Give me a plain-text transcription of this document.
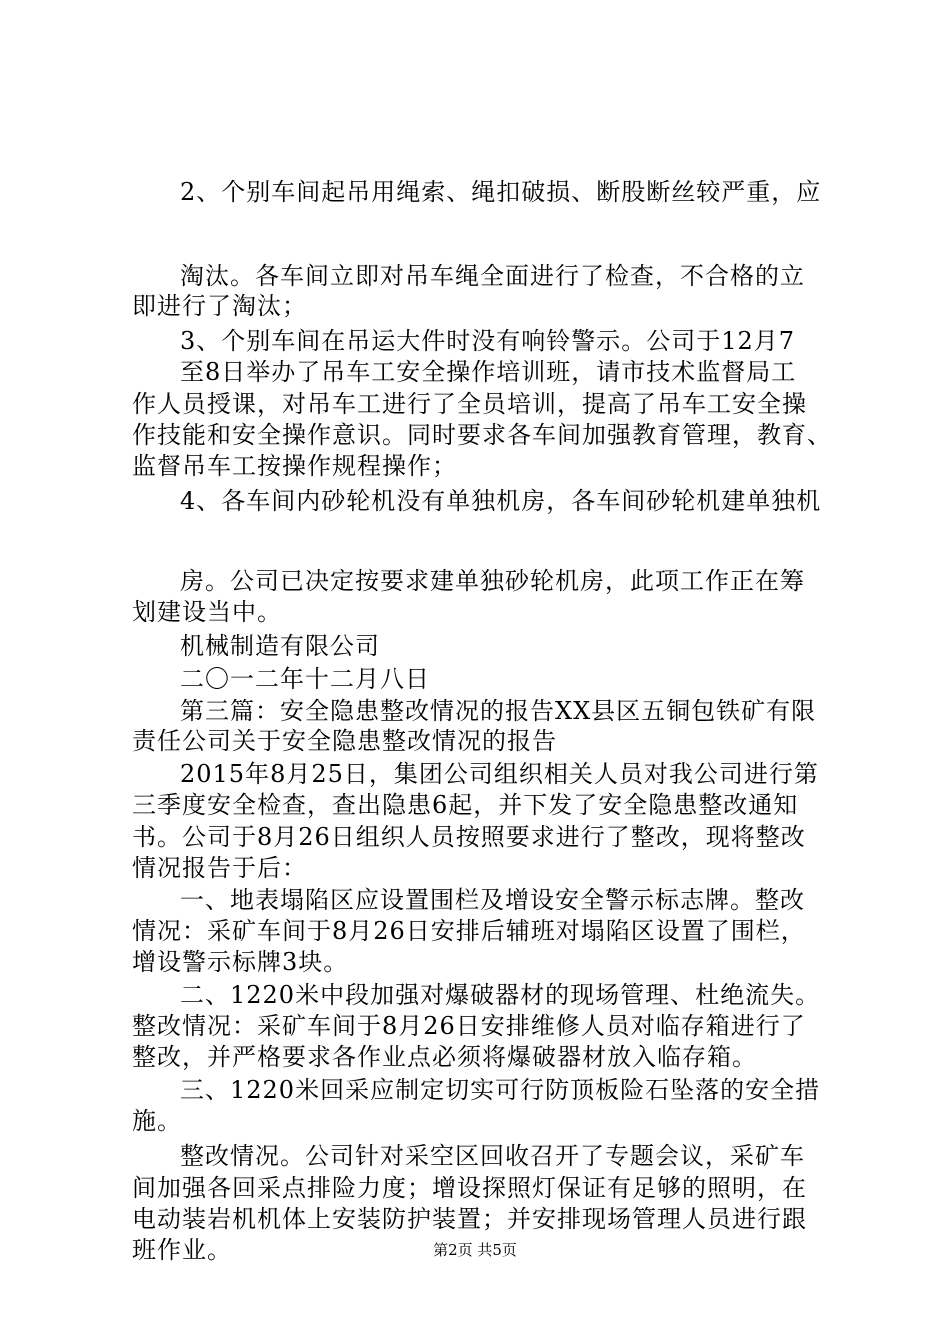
2、个别车间起吊用绳索、绳扣破损、断股断丝较严重，应
淘汰。各车间立即对吊车绳全面进行了检查，不合格的立
即进行了淘汰；
3、个别车间在吊运大件时没有响铃警示。公司于12月7
至8日举办了吊车工安全操作培训班，请市技术监督局工
作人员授课，对吊车工进行了全员培训，提高了吊车工安全操
作技能和安全操作意识。同时要求各车间加强教育管理，教育、
监督吊车工按操作规程操作；
4、各车间内砂轮机没有单独机房，各车间砂轮机建单独机
房。公司已决定按要求建单独砂轮机房，此项工作正在筹
划建设当中。
机械制造有限公司
二〇一二年十二月八日
第三篇：安全隐患整改情况的报告XX县区五铜包铁矿有限
责任公司关于安全隐患整改情况的报告
2015年8月25日，集团公司组织相关人员对我公司进行第
三季度安全检查，查出隐患6起，并下发了安全隐患整改通知
书。公司于8月26日组织人员按照要求进行了整改，现将整改
情况报告于后：
一、地表塌陷区应设置围栏及增设安全警示标志牌。整改
情况：采矿车间于8月26日安排后辅班对塌陷区设置了围栏，
增设警示标牌3块。
二、1220米中段加强对爆破器材的现场管理、杜绝流失。
整改情况：采矿车间于8月26日安排维修人员对临存箱进行了
整改，并严格要求各作业点必须将爆破器材放入临存箱。
三、1220米回采应制定切实可行防顶板险石坠落的安全措
施。
整改情况。公司针对采空区回收召开了专题会议，采矿车
间加强各回采点排险力度；增设探照灯保证有足够的照明，在
电动装岩机机体上安装防护装置；并安排现场管理人员进行跟
班作业。	第2页 共5页
